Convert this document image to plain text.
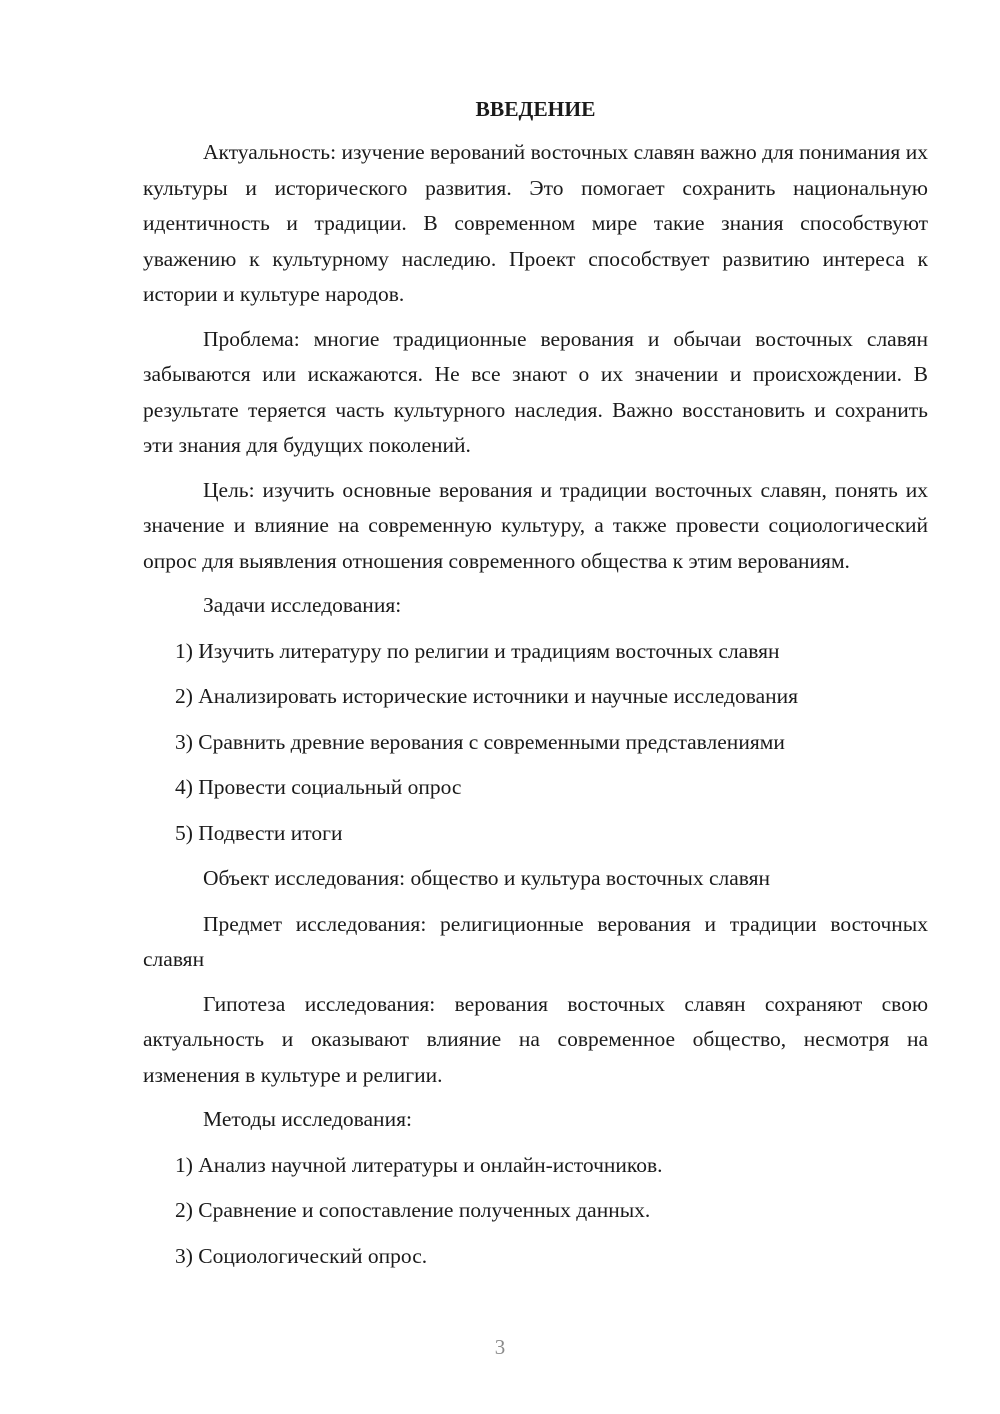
ВВЕДЕНИЕ

Актуальность: изучение верований восточных славян важно для понимания их культуры и исторического развития. Это помогает сохранить национальную идентичность и традиции. В современном мире такие знания способствуют уважению к культурному наследию. Проект способствует развитию интереса к истории и культуре народов.

Проблема: многие традиционные верования и обычаи восточных славян забываются или искажаются. Не все знают о их значении и происхождении. В результате теряется часть культурного наследия. Важно восстановить и сохранить эти знания для будущих поколений.

Цель: изучить основные верования и традиции восточных славян, понять их значение и влияние на современную культуру, а также провести социологический опрос для выявления отношения современного общества к этим верованиям.

Задачи исследования:
1) Изучить литературу по религии и традициям восточных славян
2) Анализировать исторические источники и научные исследования
3) Сравнить древние верования с современными представлениями
4) Провести социальный опрос
5) Подвести итоги
Объект исследования: общество и культура восточных славян

Предмет исследования: религиционные верования и традиции восточных славян

Гипотеза исследования: верования восточных славян сохраняют свою актуальность и оказывают влияние на современное общество, несмотря на изменения в культуре и религии.

Методы исследования:
1) Анализ научной литературы и онлайн-источников.
2) Сравнение и сопоставление полученных данных.
3) Социологический опрос.
3
